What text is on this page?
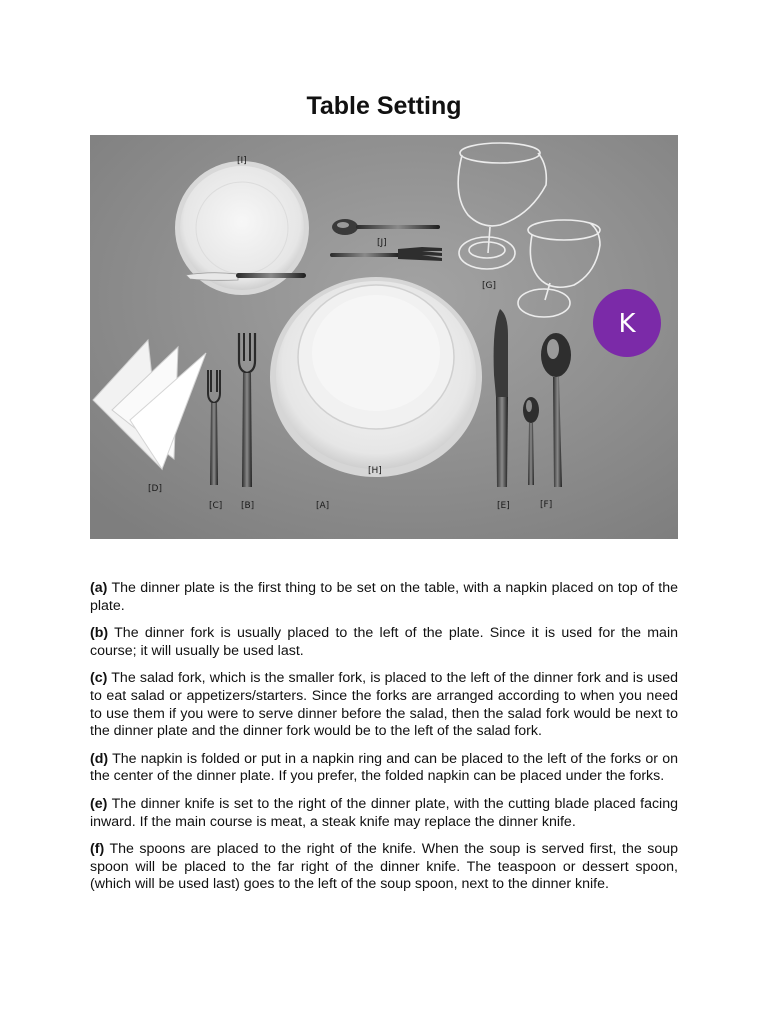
Table Setting
K
[I]
[J]
[G]
[H]
[D]
[C] [B]	[A]	[E]	[F]

(a) The dinner plate is the first thing to be set on the table, with a napkin placed on top of the plate.

(b) The dinner fork is usually placed to the left of the plate. Since it is used for the main course; it will usually be used last.

(c) The salad fork, which is the smaller fork, is placed to the left of the dinner fork and is used to eat salad or appetizers/starters. Since the forks are arranged according to when you need to use them if you were to serve dinner before the salad, then the salad fork would be next to the dinner plate and the dinner fork would be to the left of the salad fork.

(d) The napkin is folded or put in a napkin ring and can be placed to the left of the forks or on the center of the dinner plate. If you prefer, the folded napkin can be placed under the forks.

(e) The dinner knife is set to the right of the dinner plate, with the cutting blade placed facing inward. If the main course is meat, a steak knife may replace the dinner knife.

(f) The spoons are placed to the right of the knife. When the soup is served first, the soup spoon will be placed to the far right of the dinner knife. The teaspoon or dessert spoon, (which will be used last) goes to the left of the soup spoon, next to the dinner knife.
